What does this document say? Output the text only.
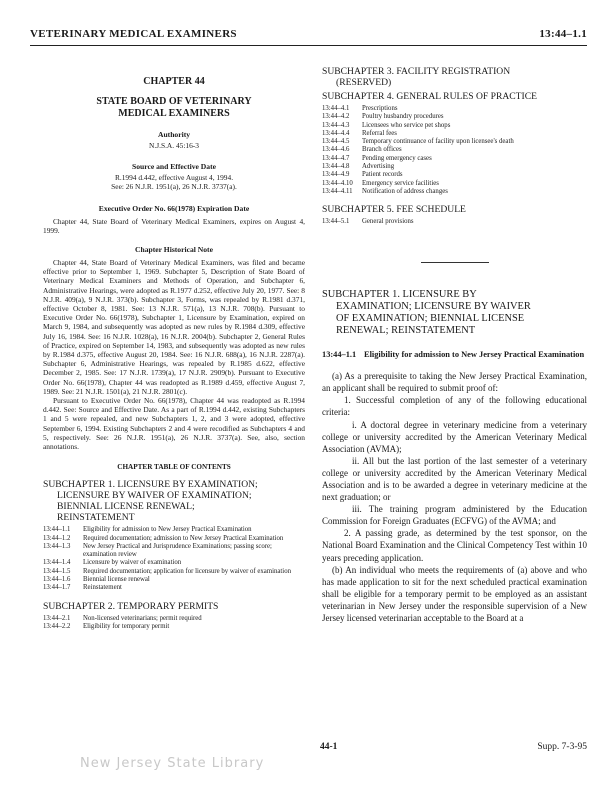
VETERINARY MEDICAL EXAMINERS	13:44–1.1
CHAPTER 44
STATE BOARD OF VETERINARY
MEDICAL EXAMINERS
Authority
N.J.S.A. 45:16-3
Source and Effective Date
R.1994 d.442, effective August 4, 1994.
See: 26 N.J.R. 1951(a), 26 N.J.R. 3737(a).
Executive Order No. 66(1978) Expiration Date

Chapter 44, State Board of Veterinary Medical Examiners, expires on August 4, 1999.

Chapter Historical Note

Chapter 44, State Board of Veterinary Medical Examiners, was filed and became effective prior to September 1, 1969. Subchapter 5, Description of State Board of Veterinary Medical Examiners and Methods of Operation, and Subchapter 6, Administrative Hearings, were adopted as R.1977 d.252, effective July 20, 1977. See: 8 N.J.R. 409(a), 9 N.J.R. 373(b). Subchapter 3, Forms, was repealed by R.1981 d.371, effective October 8, 1981. See: 13 N.J.R. 571(a), 13 N.J.R. 708(b). Pursuant to Executive Order No. 66(1978), Subchapter 1, Licensure by Examination, expired on March 9, 1984, and subsequently was adopted as new rules by R.1984 d.309, effective July 16, 1984. See: 16 N.J.R. 1028(a), 16 N.J.R. 2004(b). Subchapter 2, General Rules of Practice, expired on September 14, 1983, and subsequently was adopted as new rules by R.1984 d.375, effective August 20, 1984. See: 16 N.J.R. 688(a), 16 N.J.R. 2287(a). Subchapter 6, Administrative Hearings, was repealed by R.1985 d.622, effective December 2, 1985. See: 17 N.J.R. 1739(a), 17 N.J.R. 2909(b). Pursuant to Executive Order No. 66(1978), Chapter 44 was readopted as R.1989 d.459, effective August 7, 1989. See: 21 N.J.R. 1501(a), 21 N.J.R. 2801(c).

Pursuant to Executive Order No. 66(1978), Chapter 44 was readopted as R.1994 d.442. See: Source and Effective Date. As a part of R.1994 d.442, existing Subchapters 1 and 5 were repealed, and new Subchapters 1, 2, and 3 were adopted, effective September 6, 1994. Existing Subchapters 2 and 4 were recodified as Subchapters 4 and 5, respectively. See: 26 N.J.R. 1951(a), 26 N.J.R. 3737(a). See, also, section annotations.

CHAPTER TABLE OF CONTENTS
SUBCHAPTER 1. LICENSURE BY EXAMINATION;
LICENSURE BY WAIVER OF EXAMINATION;
BIENNIAL LICENSE RENEWAL;
REINSTATEMENT
13:44–1.1	Eligibility for admission to New Jersey Practical Examination
13:44–1.2	Required documentation; admission to New Jersey Practical Examination
13:44–1.3	New Jersey Practical and Jurisprudence Examinations; passing score; examination review
13:44–1.4	Licensure by waiver of examination
13:44–1.5	Required documentation; application for licensure by waiver of examination
13:44–1.6	Biennial license renewal
13:44–1.7	Reinstatement
SUBCHAPTER 2. TEMPORARY PERMITS
13:44–2.1	Non-licensed veterinarians; permit required
13:44–2.2	Eligibility for temporary permit
SUBCHAPTER 3. FACILITY REGISTRATION
(RESERVED)
SUBCHAPTER 4. GENERAL RULES OF PRACTICE
13:44–4.1	Prescriptions
13:44–4.2	Poultry husbandry procedures
13:44–4.3	Licensees who service pet shops
13:44–4.4	Referral fees
13:44–4.5	Temporary continuance of facility upon licensee's death
13:44–4.6	Branch offices
13:44–4.7	Pending emergency cases
13:44–4.8	Advertising
13:44–4.9	Patient records
13:44–4.10	Emergency service facilities
13:44–4.11	Notification of address changes
SUBCHAPTER 5. FEE SCHEDULE
13:44–5.1	General provisions
SUBCHAPTER 1. LICENSURE BY
EXAMINATION; LICENSURE BY WAIVER
OF EXAMINATION; BIENNIAL LICENSE
RENEWAL; REINSTATEMENT
13:44–1.1 Eligibility for admission to New Jersey Practical Examination

(a) As a prerequisite to taking the New Jersey Practical Examination, an applicant shall be required to submit proof of:

1. Successful completion of any of the following educational criteria:

i. A doctoral degree in veterinary medicine from a veterinary college or university accredited by the American Veterinary Medical Association (AVMA);

ii. All but the last portion of the last semester of a veterinary college or university accredited by the American Veterinary Medical Association and is to be awarded a degree in veterinary medicine at the next graduation; or

iii. The training program administered by the Education Commission for Foreign Graduates (ECFVG) of the AVMA; and

2. A passing grade, as determined by the test sponsor, on the National Board Examination and the Clinical Competency Test within 10 years preceding application.

(b) An individual who meets the requirements of (a) above and who has made application to sit for the next scheduled practical examination shall be eligible for a temporary permit to be employed as an assistant veterinarian in New Jersey under the responsible supervision of a New Jersey licensed veterinarian acceptable to the Board at a

44-1	Supp. 7-3-95
New Jersey State Library
